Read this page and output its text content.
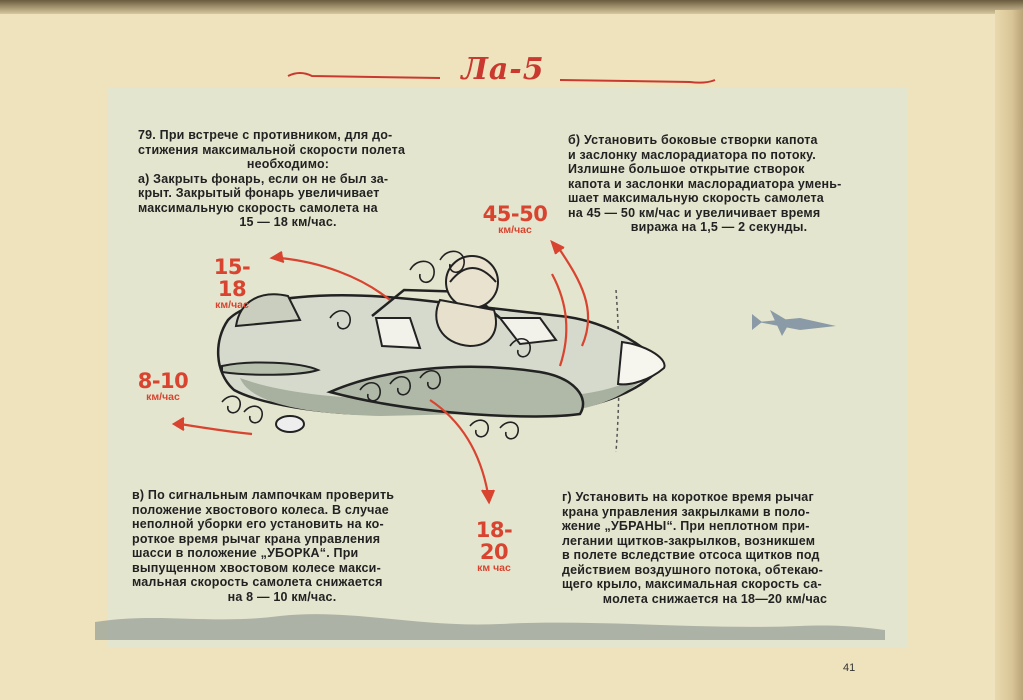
Ла-5
79. При встрече с противником, для до-
стижения максимальной скорости полета
необходимо:
а) Закрыть фонарь, если он не был за-
крыт. Закрытый фонарь увеличивает
максимальную скорость самолета на
15 — 18 км/час.
б) Установить боковые створки капота
и заслонку маслорадиатора по потоку.
Излишне большое открытие створок
капота и заслонки маслорадиатора умень-
шает максимальную скорость самолета
на 45 — 50 км/час и увеличивает время
виража на 1,5 — 2 секунды.
в) По сигнальным лампочкам проверить
положение хвостового колеса. В случае
неполной уборки его установить на ко-
роткое время рычаг крана управления
шасси в положение „УБОРКА“. При
выпущенном хвостовом колесе макси-
мальная скорость самолета снижается
на 8 — 10 км/час.
г) Установить на короткое время рычаг
крана управления закрылками в поло-
жение „УБРАНЫ“. При неплотном при-
легании щитков-закрылков, возникшем
в полете вследствие отсоса щитков под
действием воздушного потока, обтекаю-
щего крыло, максимальная скорость са-
молета снижается на 18—20 км/час
15-18
км/час
45-50
км/час
8-10
км/час
18-20
км час
41
